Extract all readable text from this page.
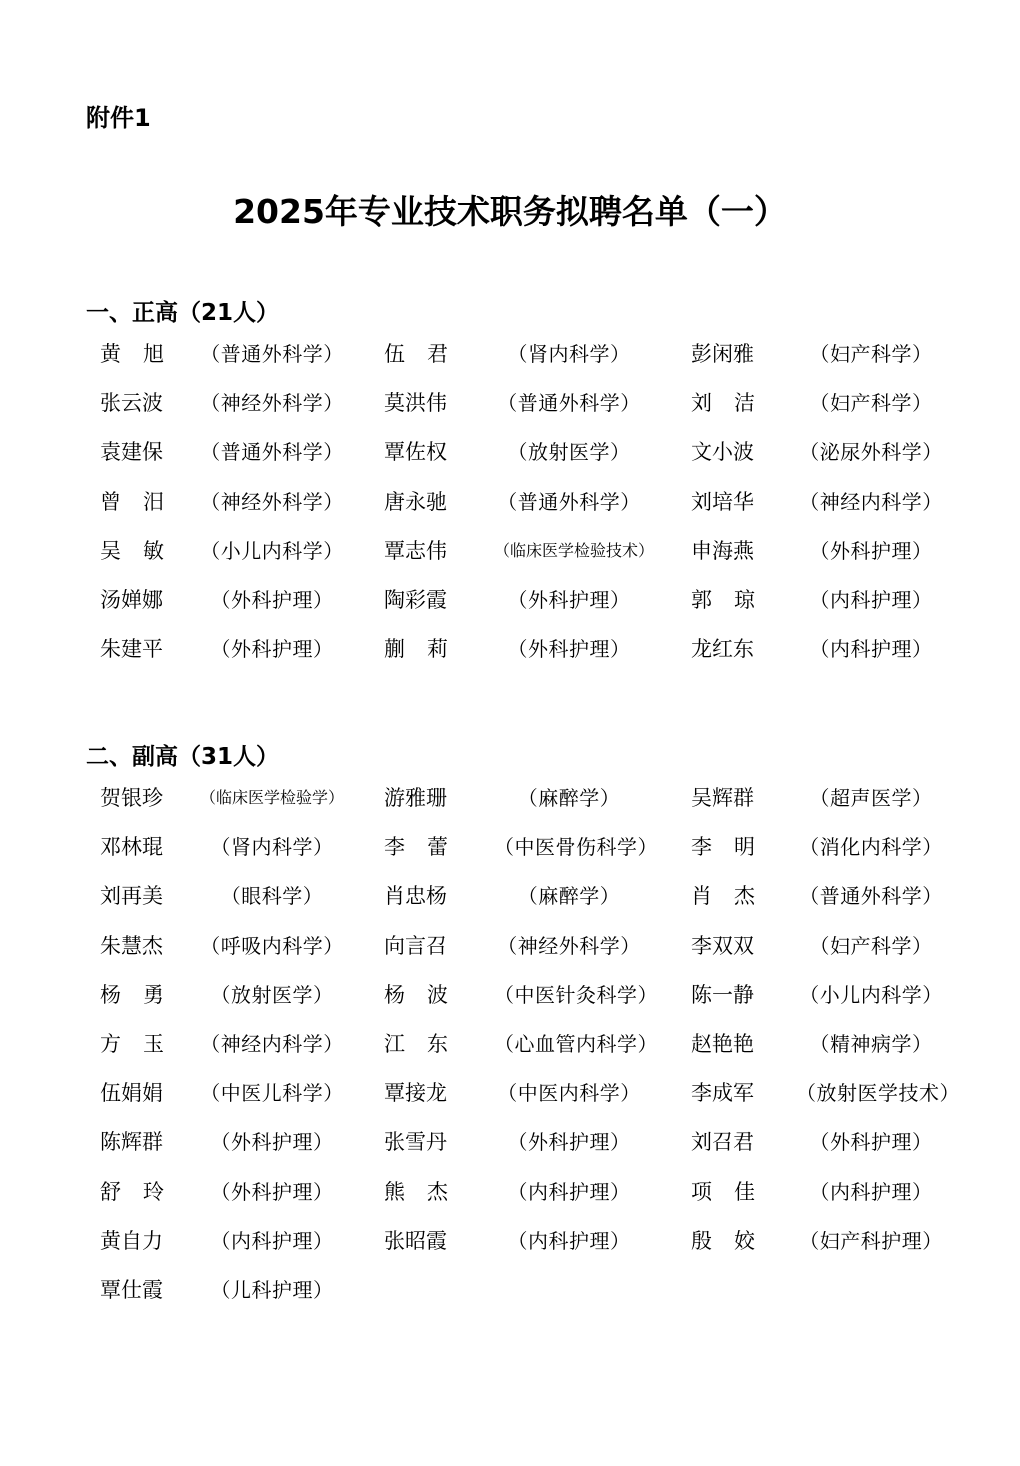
附件1
2025年专业技术职务拟聘名单（一）
一、正高（21人）
黄 旭 （普通外科学） 伍 君	（肾内科学）	彭闲雅	（妇产科学）
张云波 （神经外科学） 莫洪伟	（普通外科学） 刘 洁	（妇产科学）
袁建保 （普通外科学） 覃佐权	（放射医学）	文小波 （泌尿外科学）
曾 汨 （神经外科学） 唐永驰	（普通外科学） 刘培华 （神经内科学）
吴 敏 （小儿内科学） 覃志伟	（临床医学检验技术） 申海燕	（外科护理）
汤婵娜	（外科护理）	陶彩霞	（外科护理）	郭 琼	（内科护理）
朱建平	（外科护理）	蒯 莉	（外科护理）	龙红东	（内科护理）
二、副高（31人）
贺银珍 （临床医学检验学） 游雅珊	（麻醉学）	吴辉群	（超声医学）
邓林琨	（肾内科学）	李 蕾 （中医骨伤科学） 李 明 （消化内科学）
刘再美	（眼科学）	肖忠杨	（麻醉学）	肖 杰 （普通外科学）
朱慧杰 （呼吸内科学） 向言召	（神经外科学） 李双双	（妇产科学）
杨 勇	（放射医学）	杨 波 （中医针灸科学） 陈一静 （小儿内科学）
方 玉 （神经内科学） 江 东 （心血管内科学） 赵艳艳	（精神病学）
伍娟娟 （中医儿科学） 覃接龙	（中医内科学） 李成军 （放射医学技术）
陈辉群	（外科护理）	张雪丹	（外科护理）	刘召君	（外科护理）
舒 玲	（外科护理）	熊 杰	（内科护理）	项 佳	（内科护理）
黄自力	（内科护理）	张昭霞	（内科护理）	殷 姣 （妇产科护理）
覃仕霞	（儿科护理）
